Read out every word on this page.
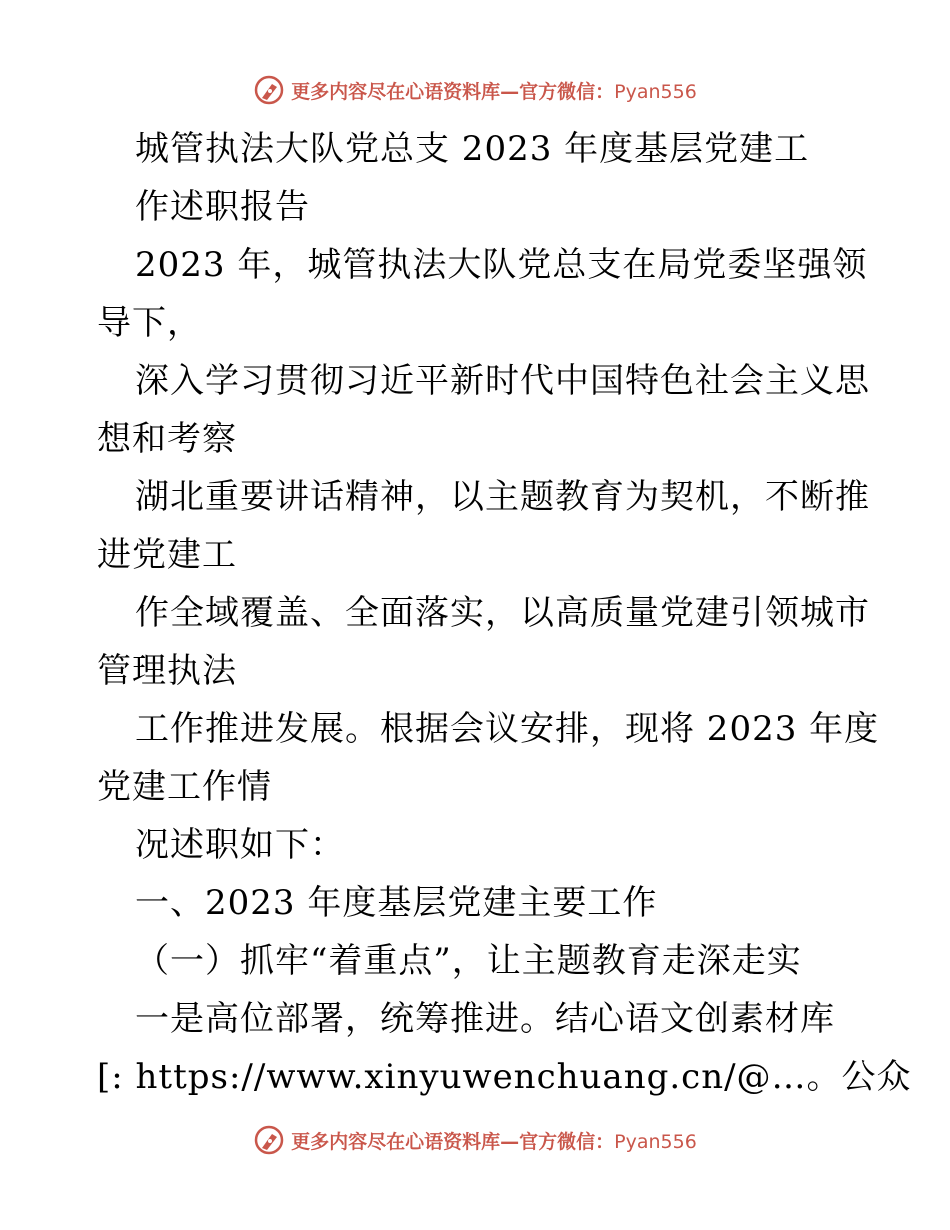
更多内容尽在心语资料库—官方微信：Pyan556
城管执法大队党总支 2023 年度基层党建工
作述职报告
2023 年，城管执法大队党总支在局党委坚强领
导下，
深入学习贯彻习近平新时代中国特色社会主义思
想和考察
湖北重要讲话精神，以主题教育为契机，不断推
进党建工
作全域覆盖、全面落实，以高质量党建引领城市
管理执法
工作推进发展。根据会议安排，现将 2023 年度
党建工作情
况述职如下：
一、2023 年度基层党建主要工作
（一）抓牢“着重点”，让主题教育走深走实
一是高位部署，统筹推进。结心语文创素材库
[: https://www.xinyuwenchuang.cn/@…。公众
更多内容尽在心语资料库—官方微信：Pyan556
